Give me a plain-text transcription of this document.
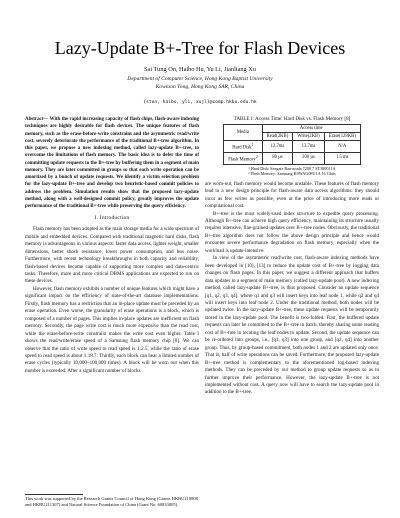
Lazy-Update B+-Tree for Flash Devices
Sai Tung On, Haibo Hu, Yu Li, Jianliang Xu
Department of Computer Science, Hong Kong Baptist University
Kowloon Tong, Hong Kong SAR, China
{ston, haibo, yli, xujl}@comp.hkbu.edu.hk

Abstract— With the rapid increasing capacity of flash chips, flash-aware indexing techniques are highly desirable for flash devices. The unique features of flash memory, such as the erase-before-write constraint and the asymmetric read/write cost, severely deteriorate the performance of the traditional B+-tree algorithm. In this paper, we propose a new indexing method, called lazy-update B+-tree, to overcome the limitations of flash memory. The basic idea is to defer the time of committing update requests to the B+-tree by buffering them in a segment of main memory. They are later committed in groups so that each write operation can be amortized by a bunch of update requests. We identify a victim selection problem for the lazy-update B+-tree and develop two heuristic-based commit policies to address the problem. Simulation results show that the proposed lazy-update method, along with a well-designed commit policy, greatly improves the update performance of the traditional B+-tree while preserving the query efficiency.

I. Introduction

Flash memory has been adopted as the main storage media for a wide spectrum of mobile and embedded devices. Compared with traditional magnetic hard disks, flash memory is advantageous in various aspects: faster data access, lighter weight, smaller dimensions, better shock resistance, lower power consumption, and less noise. Furthermore, with recent technology breakthroughs in both capacity and reliability, flash-based devices become capable of supporting more complex and data-centric tasks. Therefore, more and more critical DBMS applications are expected to run on these devices.

However, flash memory exhibits a number of unique features which might have a significant impact on the efficiency of state-of-the-art database implementations. Firstly, flash memory has a restriction that an in-place update must be preceded by an erase operation. Even worse, the granularity of erase operations is a block, which is composed of a number of pages. This implies in-place updates are inefficient on flash memory. Secondly, the page write cost is much more expensive than the read cost, while the erase-before-write constraint makes the write cost even higher. Table I shows the read/write/erase speed of a Samsung flash memory chip [8]. We can observe that the ratio of write speed to read speed is 1:2.5, while the ratio of erase speed to read speed is about 1:18.7. Thirdly, each block can bear a limited number of erase cycles (typically 10,000~100,000 times). A block will be worn out when this number is exceeded. After a significant number of blocks

This work was supported by the Research Grants Council of Hong Kong (Grants HKBU210808 and HKBU211307) and Natural Science Foundation of China (Grant No. 60833005).
TABLE I: Access Time: Hard Disk vs. Flash Memory [8]
Media	Access time		
	Read(2KB)	Write(2KB)	Erase(128KB)
Hard Disk$^1$	12.7ms	13.7ms	N/A
Flash Memory$^2$	80 µs	200 µs	1.5 ms
¹ Hard Disk: Seagate Barracuda 7200.7 ST380011A
² Flash Memory: Samsung K9WAG08U1A 16 Gbits

are worn-out, flash memory would become unstable. These features of flash memory lead to a new design principle for flash-aware data access algorithms: they should incur as few writes as possible, even at the price of introducing more reads or computational cost.

B+-tree is the most widely-used index structure to expedite query processing. Although B+-tree can achieve high query efficiency, maintaining its structure usually requires intensive, fine-grained updates over B+-tree nodes. Obviously, the traditional B+-tree algorithm does not follow the above design principle and hence would encounter severe performance degradation on flash memory, especially when the workload is update-intensive.

In view of the asymmetric read/write cost, flash-aware indexing methods have been developed in [10], [13] to reduce the update cost of B+-tree by logging data changes on flash pages. In this paper, we suggest a different approach that buffers data updates in a segment of main memory (called lazy-update pool). A new indexing method, called lazy-update B+-tree, is thus proposed. Consider an update sequence [q1, q2, q3, q4], where q1 and q3 will insert keys into leaf node 1, while q2 and q4 will insert keys into leaf node 2. Under the traditional method, both nodes will be updated twice. In the lazy-update B+-tree, these update requests will be temporarily stored in the lazy-update pool. The benefit is two-folded. First, the buffered update requests can later be committed to the B+-tree in batch, thereby sharing some reading cost of B+-tree in locating the leaf nodes to update. Second, the update sequence can be re-ordered into groups, i.e., [q1, q3] into one group, and [q2, q4] into another group. Thus, by group-based commitment, both nodes 1 and 2 are updated only once. That is, half of write operations can be saved. Furthermore, the proposed lazy-update B+-tree method is complementary to the aforementioned log-based indexing methods. They can be preceded by our method to group update requests so as to further improve their performance. However, the lazy-update B+-tree is not implemented without cost. A query now will have to search the lazy-update pool in addition to the B+-tree.
